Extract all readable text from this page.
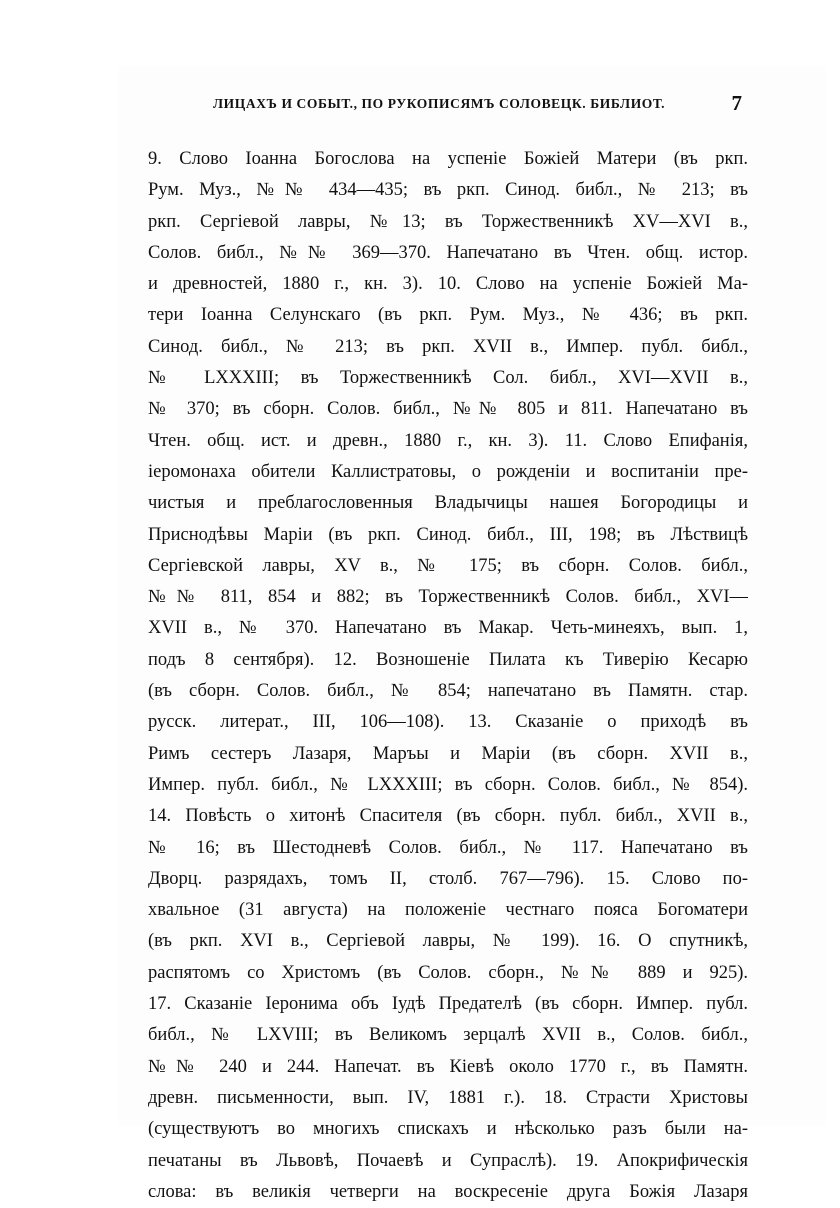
ЛИЦАХЪ И СОБЫТ., ПО РУКОПИСЯМЪ СОЛОВЕЦК. БИБЛИОТ.	7
9. Слово Іоанна Богослова на успеніе Божіей Матери (въ ркп.
Рум. Муз., №№ 434—435; въ ркп. Синод. библ., № 213; въ
ркп. Сергіевой лавры, №13; въ Торжественникѣ XV—XVI в.,
Солов. библ., №№ 369—370. Напечатано въ Чтен. общ. истор.
и древностей, 1880 г., кн. 3). 10. Слово на успеніе Божіей Ма-
тери Іоанна Селунскаго (въ ркп. Рум. Муз., № 436; въ ркп.
Синод. библ., № 213; въ ркп. XVII в., Импер. публ. библ.,
№ LXXXIII; въ Торжественникѣ Сол. библ., XVI—XVII в.,
№ 370; въ сборн. Солов. библ., №№ 805 и 811. Напечатано въ
Чтен. общ. ист. и древн., 1880 г., кн. 3). 11. Слово Епифанія,
іеромонаха обители Каллистратовы, о рожденіи и воспитаніи пре-
чистыя и преблагословенныя Владычицы нашея Богородицы и
Приснодѣвы Маріи (въ ркп. Синод. библ., III, 198; въ Лѣствицѣ
Сергіевской лавры, XV в., № 175; въ сборн. Солов. библ.,
№№ 811, 854 и 882; въ Торжественникѣ Солов. библ., XVI—
XVII в., № 370. Напечатано въ Макар. Четь-минеяхъ, вып. 1,
подъ 8 сентября). 12. Возношеніе Пилата къ Тиверію Кесарю
(въ сборн. Солов. библ., № 854; напечатано въ Памятн. стар.
русск. литерат., III, 106—108). 13. Сказаніе о приходѣ въ
Римъ сестеръ Лазаря, Маръы и Маріи (въ сборн. XVII в.,
Импер. публ. библ., № LXXXIII; въ сборн. Солов. библ., № 854).
14. Повѣсть о хитонѣ Спасителя (въ сборн. публ. библ., XVII в.,
№ 16; въ Шестодневѣ Солов. библ., № 117. Напечатано въ
Дворц. разрядахъ, томъ II, столб. 767—796). 15. Слово по-
хвальное (31 августа) на положеніе честнаго пояса Богоматери
(въ ркп. XVI в., Сергіевой лавры, № 199). 16. О спутникѣ,
распятомъ со Христомъ (въ Солов. сборн., №№ 889 и 925).
17. Сказаніе Іеронима объ Іудѣ Предателѣ (въ сборн. Импер. публ.
библ., № LXVIII; въ Великомъ зерцалѣ XVII в., Солов. библ.,
№№ 240 и 244. Напечат. въ Кіевѣ около 1770 г., въ Памятн.
древн. письменности, вып. IV, 1881 г.). 18. Страсти Христовы
(существуютъ во многихъ спискахъ и нѣсколько разъ были на-
печатаны въ Львовѣ, Почаевѣ и Супраслѣ). 19. Апокрифическія
слова: въ великія четверги на воскресеніе друга Божія Лазаря
